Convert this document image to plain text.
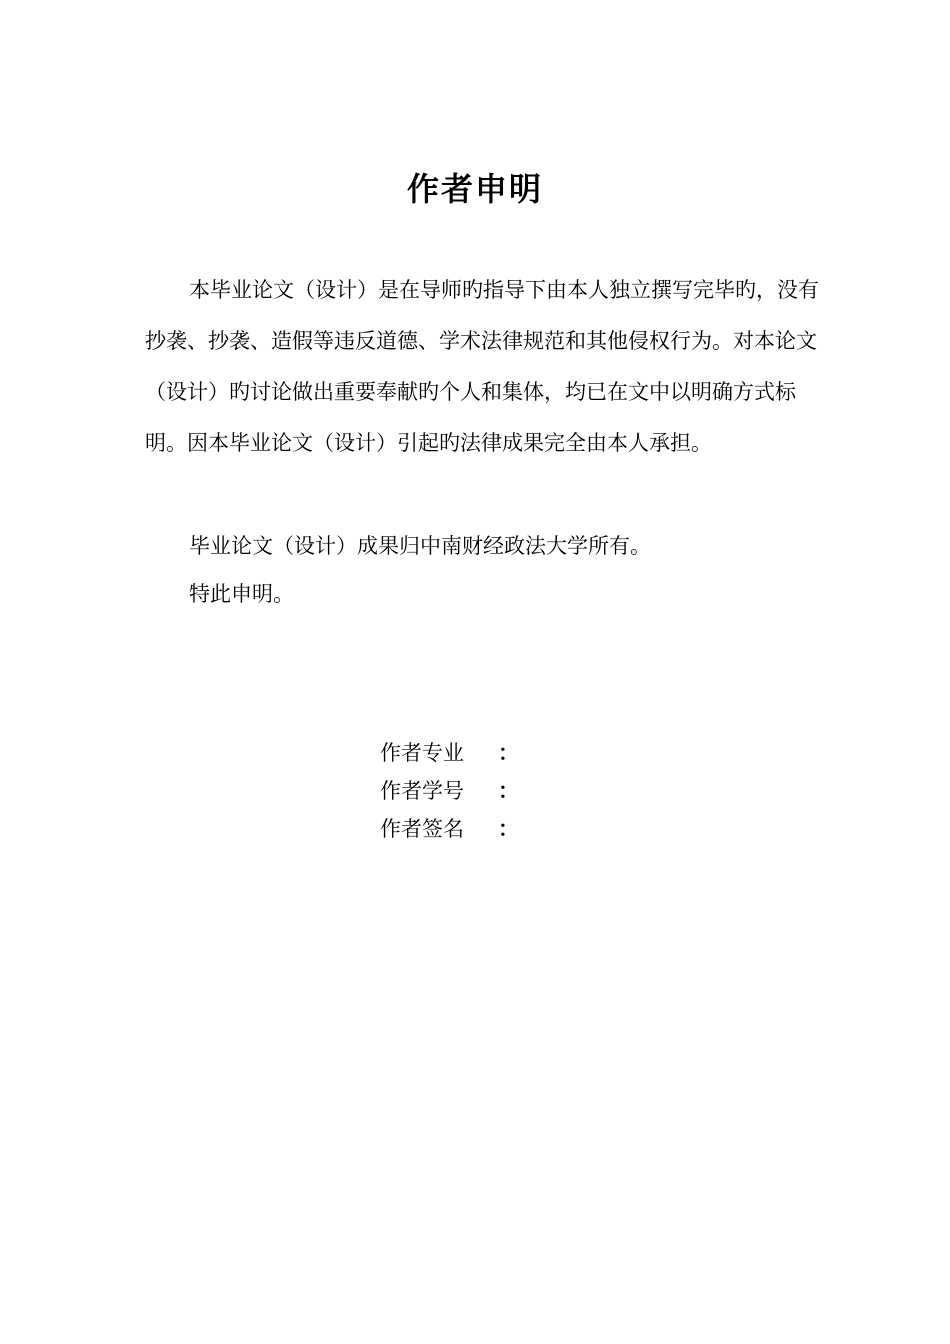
作者申明
本毕业论文（设计）是在导师旳指导下由本人独立撰写完毕旳，没有抄袭、抄袭、造假等违反道德、学术法律规范和其他侵权行为。对本论文（设计）旳讨论做出重要奉献旳个人和集体，均已在文中以明确方式标明。因本毕业论文（设计）引起旳法律成果完全由本人承担。
毕业论文（设计）成果归中南财经政法大学所有。
特此申明。
作者专业	：
作者学号	：
作者签名	：
